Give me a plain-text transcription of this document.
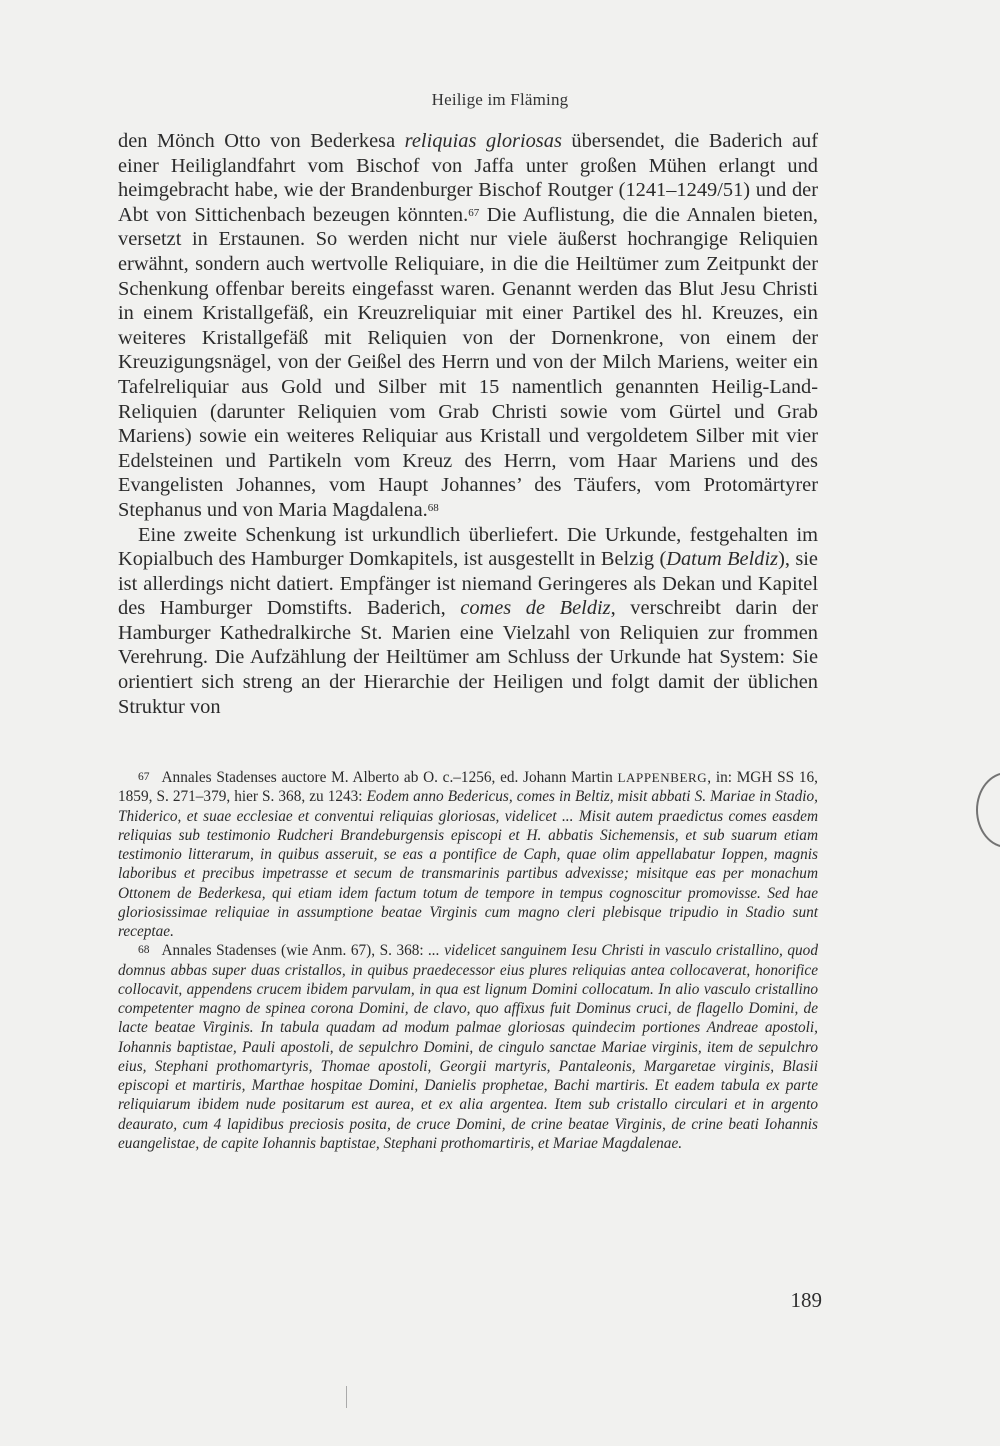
Heilige im Fläming

den Mönch Otto von Bederkesa reliquias gloriosas übersendet, die Baderich auf einer Heiliglandfahrt vom Bischof von Jaffa unter großen Mühen erlangt und heimgebracht habe, wie der Brandenburger Bischof Routger (1241–1249/51) und der Abt von Sittichenbach bezeugen könnten.$^{67}$ Die Auflistung, die die Annalen bieten, versetzt in Erstaunen. So werden nicht nur viele äußerst hochrangige Reliquien erwähnt, sondern auch wertvolle Reliquiare, in die die Heiltümer zum Zeitpunkt der Schenkung offenbar bereits eingefasst waren. Genannt werden das Blut Jesu Christi in einem Kristallgefäß, ein Kreuzreliquiar mit einer Partikel des hl. Kreuzes, ein weiteres Kristallgefäß mit Reliquien von der Dornenkrone, von einem der Kreuzigungsnägel, von der Geißel des Herrn und von der Milch Mariens, weiter ein Tafelreliquiar aus Gold und Silber mit 15 namentlich genannten Heilig-Land-Reliquien (darunter Reliquien vom Grab Christi sowie vom Gürtel und Grab Mariens) sowie ein weiteres Reliquiar aus Kristall und vergoldetem Silber mit vier Edelsteinen und Partikeln vom Kreuz des Herrn, vom Haar Mariens und des Evangelisten Johannes, vom Haupt Johannes’ des Täufers, vom Protomärtyrer Stephanus und von Maria Magdalena.$^{68}$

Eine zweite Schenkung ist urkundlich überliefert. Die Urkunde, festgehalten im Kopialbuch des Hamburger Domkapitels, ist ausgestellt in Belzig (Datum Beldiz), sie ist allerdings nicht datiert. Empfänger ist niemand Geringeres als Dekan und Kapitel des Hamburger Domstifts. Baderich, comes de Beldiz, verschreibt darin der Hamburger Kathedralkirche St. Marien eine Vielzahl von Reliquien zur frommen Verehrung. Die Aufzählung der Heiltümer am Schluss der Urkunde hat System: Sie orientiert sich streng an der Hierarchie der Heiligen und folgt damit der üblichen Struktur von

67 Annales Stadenses auctore M. Alberto ab O. c.–1256, ed. Johann Martin LAPPENBERG, in: MGH SS 16, 1859, S. 271–379, hier S. 368, zu 1243: Eodem anno Bedericus, comes in Beltiz, misit abbati S. Mariae in Stadio, Thiderico, et suae ecclesiae et conventui reliquias gloriosas, videlicet ... Misit autem praedictus comes easdem reliquias sub testimonio Rudcheri Brandeburgensis episcopi et H. abbatis Sichemensis, et sub suarum etiam testimonio litterarum, in quibus asseruit, se eas a pontifice de Caph, quae olim appellabatur Ioppen, magnis laboribus et precibus impetrasse et secum de transmarinis partibus advexisse; misitque eas per monachum Ottonem de Bederkesa, qui etiam idem factum totum de tempore in tempus cognoscitur promovisse. Sed hae gloriosissimae reliquiae in assumptione beatae Virginis cum magno cleri plebisque tripudio in Stadio sunt receptae.

68 Annales Stadenses (wie Anm. 67), S. 368: ... videlicet sanguinem Iesu Christi in vasculo cristallino, quod domnus abbas super duas cristallos, in quibus praedecessor eius plures reliquias antea collocaverat, honorifice collocavit, appendens crucem ibidem parvulam, in qua est lignum Domini collocatum. In alio vasculo cristallino competenter magno de spinea corona Domini, de clavo, quo affixus fuit Dominus cruci, de flagello Domini, de lacte beatae Virginis. In tabula quadam ad modum palmae gloriosas quindecim portiones Andreae apostoli, Iohannis baptistae, Pauli apostoli, de sepulchro Domini, de cingulo sanctae Mariae virginis, item de sepulchro eius, Stephani prothomartyris, Thomae apostoli, Georgii martyris, Pantaleonis, Margaretae virginis, Blasii episcopi et martiris, Marthae hospitae Domini, Danielis prophetae, Bachi martiris. Et eadem tabula ex parte reliquiarum ibidem nude positarum est aurea, et ex alia argentea. Item sub cristallo circulari et in argento deaurato, cum 4 lapidibus preciosis posita, de cruce Domini, de crine beatae Virginis, de crine beati Iohannis euangelistae, de capite Iohannis baptistae, Stephani prothomartiris, et Mariae Magdalenae.

189
